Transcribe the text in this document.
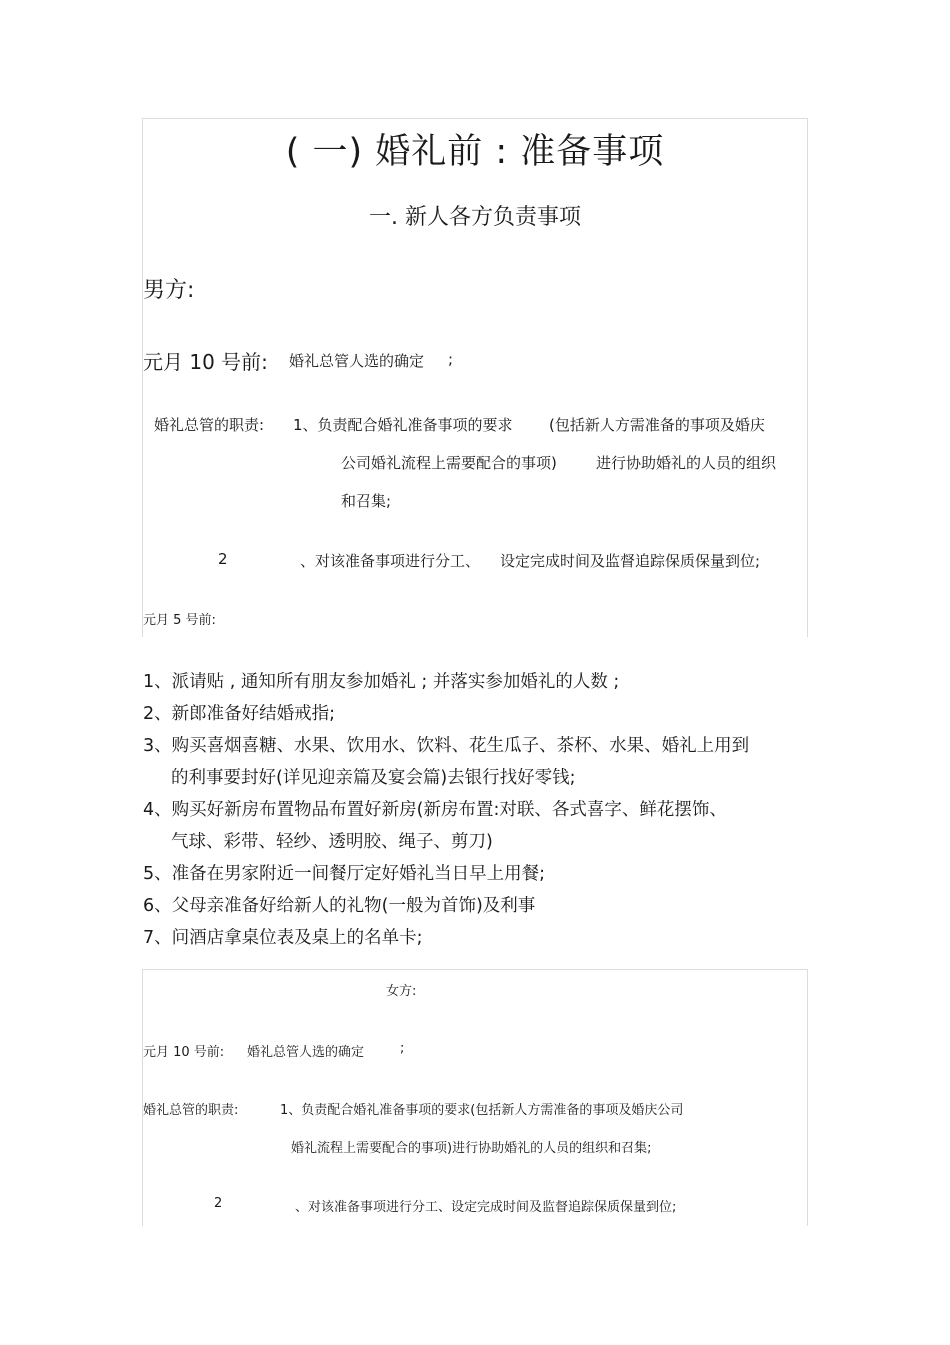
( 一) 婚礼前 : 准备事项
一. 新人各方负责事项
男方:
元月 10 号前: 婚礼总管人选的确定 ;
婚礼总管的职责: 1、负责配合婚礼准备事项的要求 (包括新人方需准备的事项及婚庆
公司婚礼流程上需要配合的事项)	进行协助婚礼的人员的组织
和召集;
2	、对该准备事项进行分工、 设定完成时间及监督追踪保质保量到位;
元月 5 号前:
1、派请贴 , 通知所有朋友参加婚礼 ; 并落实参加婚礼的人数 ;
2、新郎准备好结婚戒指;
3、购买喜烟喜糖、水果、饮用水、饮料、花生瓜子、茶杯、水果、婚礼上用到
的利事要封好(详见迎亲篇及宴会篇)去银行找好零钱;
4、购买好新房布置物品布置好新房(新房布置:对联、各式喜字、鲜花摆饰、
气球、彩带、轻纱、透明胶、绳子、剪刀)
5、准备在男家附近一间餐厅定好婚礼当日早上用餐;
6、父母亲准备好给新人的礼物(一般为首饰)及利事
7、问酒店拿桌位表及桌上的名单卡;
女方:
元月 10 号前: 婚礼总管人选的确定	;
婚礼总管的职责:	1、负责配合婚礼准备事项的要求(包括新人方需准备的事项及婚庆公司
婚礼流程上需要配合的事项)进行协助婚礼的人员的组织和召集;
2	、对该准备事项进行分工、设定完成时间及监督追踪保质保量到位;
